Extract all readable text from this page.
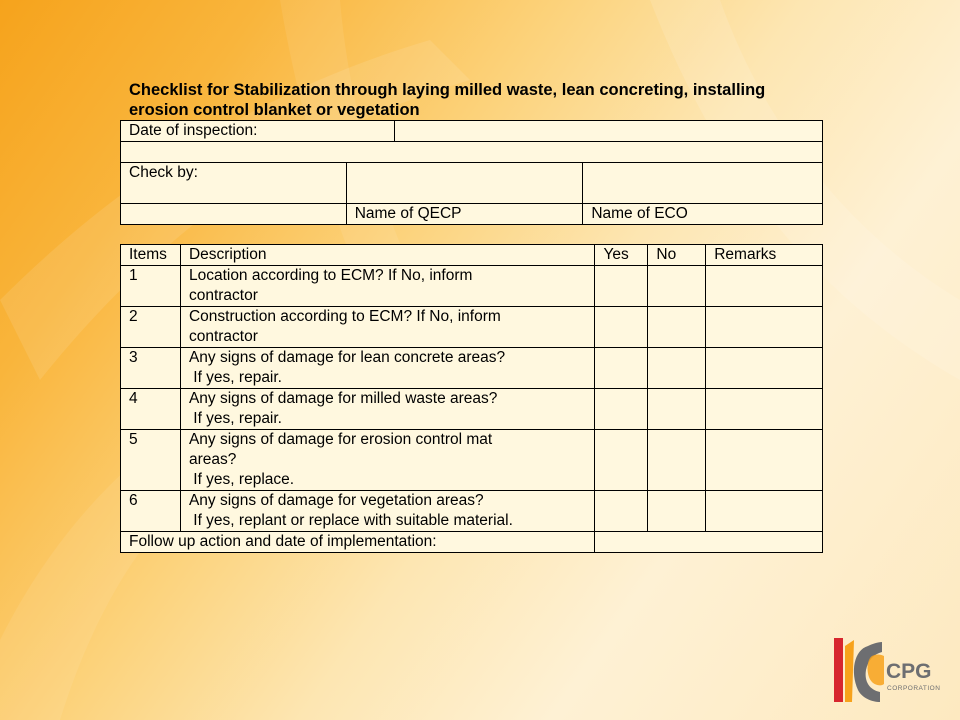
Checklist for Stabilization through laying milled waste, lean concreting, installing erosion control blanket or vegetation
Date of inspection:			

Check by:			
	Name of QECP		Name of ECO
Items	Description	Yes	No	Remarks
1	Location according to ECM? If No, inform
contractor			

2	Construction according to ECM? If No, inform
contractor			

3	Any signs of damage for lean concrete areas?
If yes, repair.			

4	Any signs of damage for milled waste areas?
If yes, repair.			

5	Any signs of damage for erosion control mat
areas?
If yes, replace.			

6	Any signs of damage for vegetation areas?
If yes, replant or replace with suitable material.			

Follow up action and date of implementation:				
CPG
CORPORATION
